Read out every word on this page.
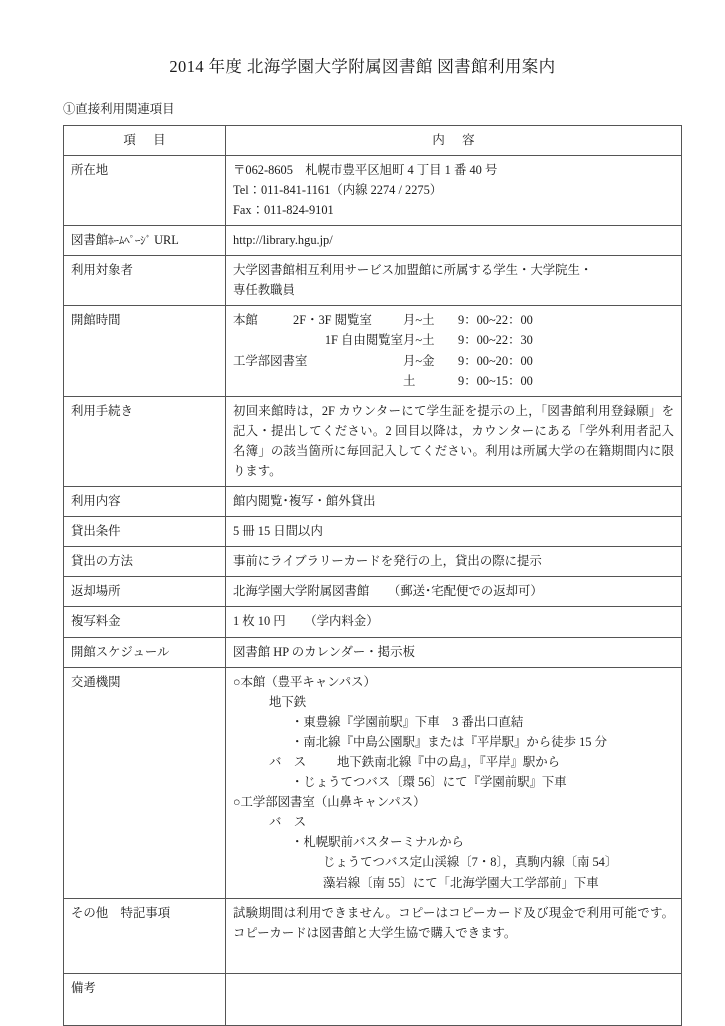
2014 年度 北海学園大学附属図書館 図書館利用案内
①直接利用関連項目
項　目	内　容
所在地	〒062-8605　札幌市豊平区旭町 4 丁目 1 番 40 号
Tel：011-841-1161（内線 2274 / 2275）
Fax：011-824-9101

図書館ﾎｰﾑﾍﾟｰｼﾞ URL	http://library.hgu.jp/

利用対象者	大学図書館相互利用サービス加盟館に所属する学生・大学院生・
専任教職員

開館時間	本館	2F・3F 閲覧室	月~土	9：00~22：00
1F 自由閲覧室 月~土	9：00~22：30
工学部図書室	月~金	9：00~20：00
土	9：00~15：00

利用手続き	初回来館時は，2F カウンターにて学生証を提示の上，「図書館利用登録願」を記入・提出してください。2 回目以降は，カウンターにある「学外利用者記入名簿」の該当箇所に毎回記入してください。利用は所属大学の在籍期間内に限ります。
利用内容	館内閲覧･複写・館外貸出
貸出条件	5 冊 15 日間以内
貸出の方法	事前にライブラリーカードを発行の上，貸出の際に提示
返却場所	北海学園大学附属図書館　　（郵送･宅配便での返却可）
複写料金	1 枚 10 円　　（学内料金）
開館スケジュール	図書館 HP のカレンダー・掲示板
交通機関	○本館（豊平キャンパス）
地下鉄
・東豊線『学園前駅』下車　3 番出口直結
・南北線『中島公園駅』または『平岸駅』から徒歩 15 分
バ　ス	地下鉄南北線『中の島』，『平岸』駅から
・じょうてつバス〔環 56〕にて『学園前駅』下車
○工学部図書室（山鼻キャンパス）
バ　ス
・札幌駅前バスターミナルから
じょうてつバス定山渓線〔7・8〕，真駒内線〔南 54〕
藻岩線〔南 55〕にて「北海学園大工学部前」下車

その他　特記事項	試験期間は利用できません。コピーはコピーカード及び現金で利用可能です。コピーカードは図書館と大学生協で購入できます。
備考	
